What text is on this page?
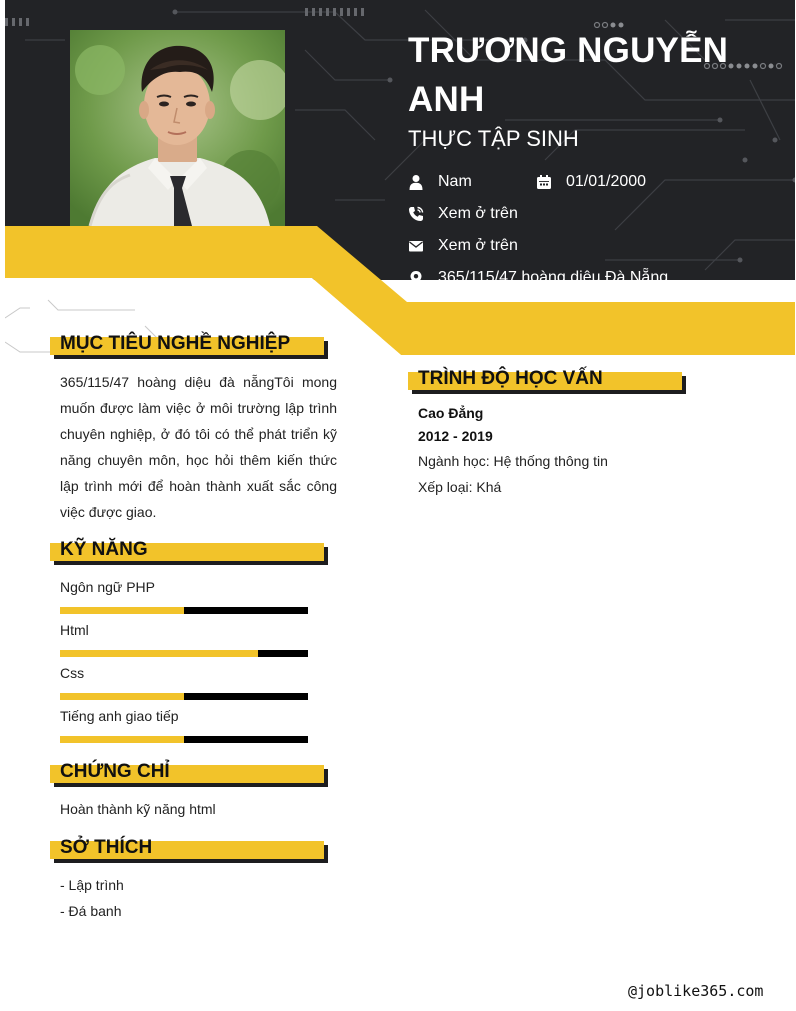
TRƯƠNG NGUYỄN
ANH
THỰC TẬP SINH
Nam	01/01/2000
Xem ở trên
Xem ở trên
365/115/47 hoàng diệu Đà Nẵng
MỤC TIÊU NGHỀ NGHIỆP
365/115/47 hoàng diệu đà nẵngTôi mong muốn được làm việc ở môi trường lập trình chuyên nghiệp, ở đó tôi có thể phát triển kỹ năng chuyên môn, học hỏi thêm kiến thức lập trình mới để hoàn thành xuất sắc công việc được giao.
KỸ NĂNG
Ngôn ngữ PHP
Html
Css
Tiếng anh giao tiếp
CHỨNG CHỈ
Hoàn thành kỹ năng html
SỞ THÍCH
- Lập trình
- Đá banh
TRÌNH ĐỘ HỌC VẤN
Cao Đẳng
2012 - 2019
Ngành học: Hệ thống thông tin
Xếp loại: Khá
@joblike365.com
